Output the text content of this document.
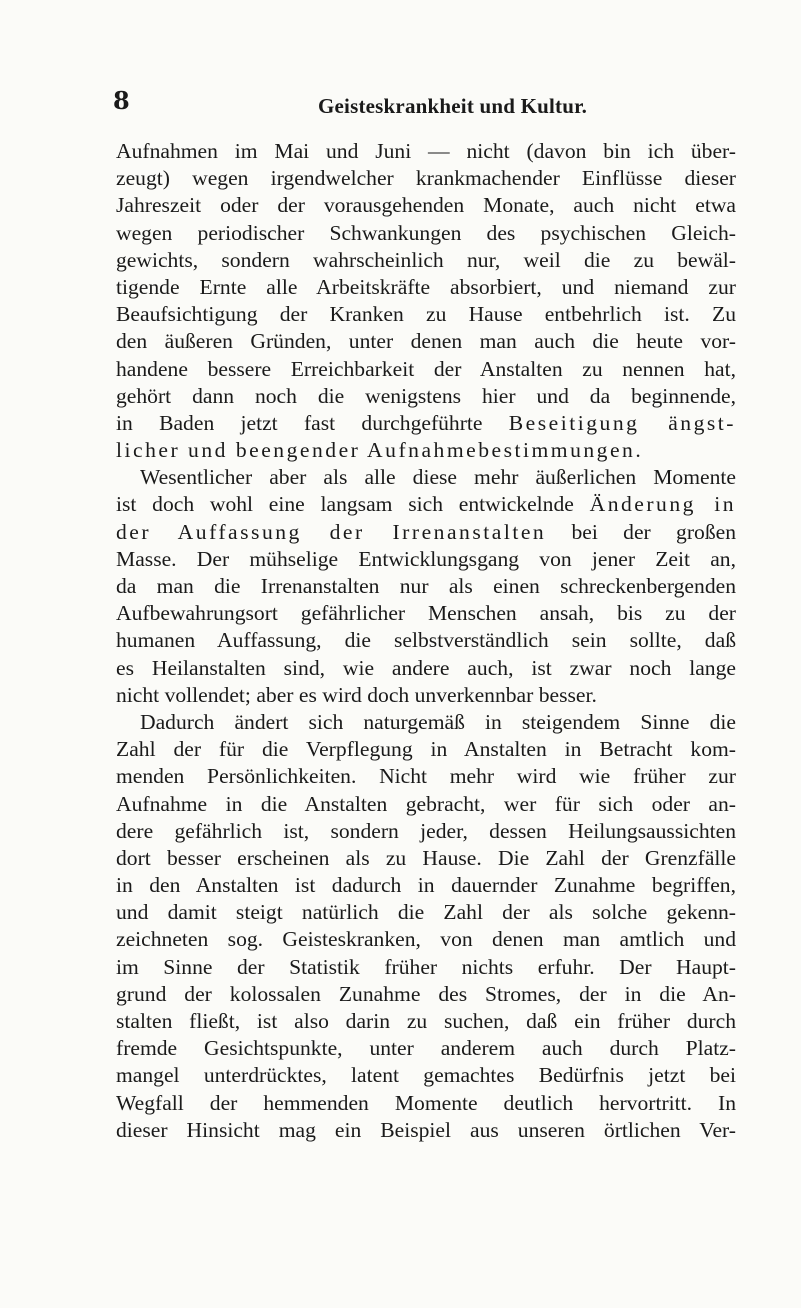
8	Geisteskrankheit und Kultur.
Aufnahmen im Mai und Juni — nicht (davon bin ich über-
zeugt) wegen irgendwelcher krankmachender Einflüsse dieser
Jahreszeit oder der vorausgehenden Monate, auch nicht etwa
wegen periodischer Schwankungen des psychischen Gleich-
gewichts, sondern wahrscheinlich nur, weil die zu bewäl-
tigende Ernte alle Arbeitskräfte absorbiert, und niemand zur
Beaufsichtigung der Kranken zu Hause entbehrlich ist. Zu
den äußeren Gründen, unter denen man auch die heute vor-
handene bessere Erreichbarkeit der Anstalten zu nennen hat,
gehört dann noch die wenigstens hier und da beginnende,
in Baden jetzt fast durchgeführte Beseitigung ängst-
licher und beengender Aufnahmebestimmungen.
Wesentlicher aber als alle diese mehr äußerlichen Momente
ist doch wohl eine langsam sich entwickelnde Änderung in
der Auffassung der Irrenanstalten bei der großen
Masse. Der mühselige Entwicklungsgang von jener Zeit an,
da man die Irrenanstalten nur als einen schreckenbergenden
Aufbewahrungsort gefährlicher Menschen ansah, bis zu der
humanen Auffassung, die selbstverständlich sein sollte, daß
es Heilanstalten sind, wie andere auch, ist zwar noch lange
nicht vollendet; aber es wird doch unverkennbar besser.
Dadurch ändert sich naturgemäß in steigendem Sinne die
Zahl der für die Verpflegung in Anstalten in Betracht kom-
menden Persönlichkeiten. Nicht mehr wird wie früher zur
Aufnahme in die Anstalten gebracht, wer für sich oder an-
dere gefährlich ist, sondern jeder, dessen Heilungsaussichten
dort besser erscheinen als zu Hause. Die Zahl der Grenzfälle
in den Anstalten ist dadurch in dauernder Zunahme begriffen,
und damit steigt natürlich die Zahl der als solche gekenn-
zeichneten sog. Geisteskranken, von denen man amtlich und
im Sinne der Statistik früher nichts erfuhr. Der Haupt-
grund der kolossalen Zunahme des Stromes, der in die An-
stalten fließt, ist also darin zu suchen, daß ein früher durch
fremde Gesichtspunkte, unter anderem auch durch Platz-
mangel unterdrücktes, latent gemachtes Bedürfnis jetzt bei
Wegfall der hemmenden Momente deutlich hervortritt. In
dieser Hinsicht mag ein Beispiel aus unseren örtlichen Ver-
